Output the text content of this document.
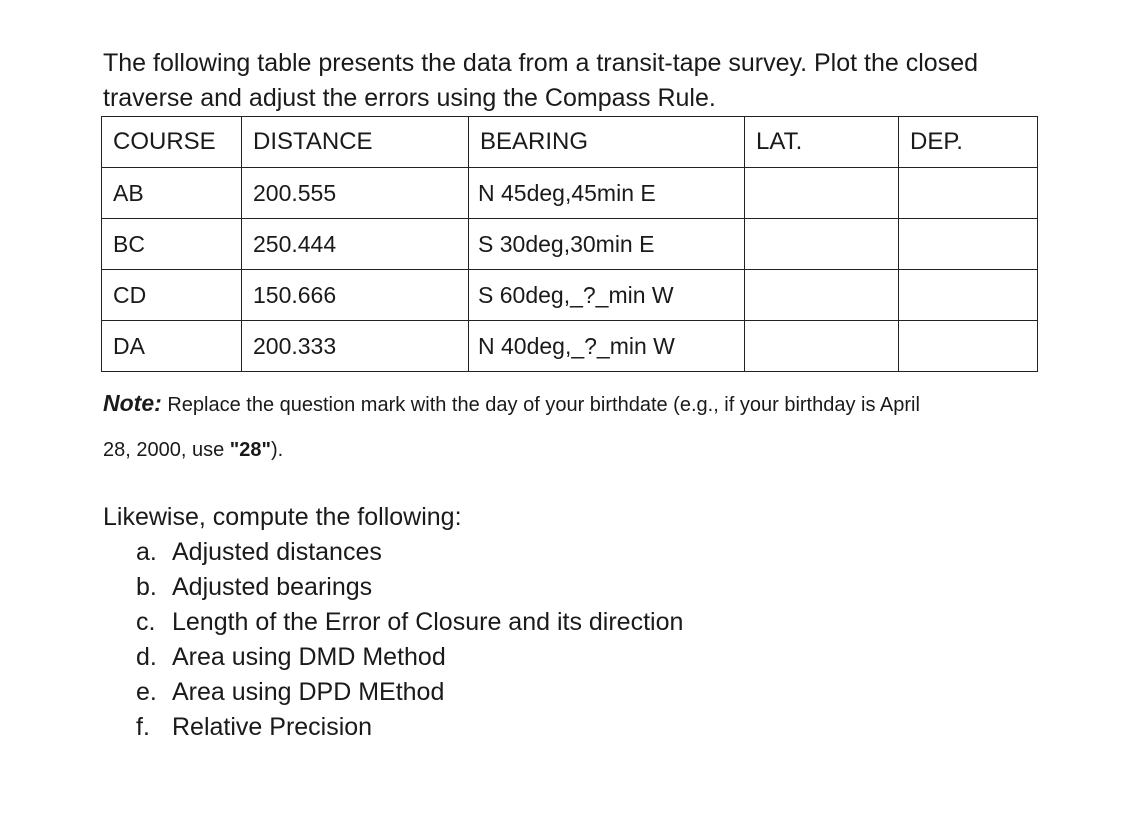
The following table presents the data from a transit-tape survey. Plot the closed
traverse and adjust the errors using the Compass Rule.
COURSE	DISTANCE	BEARING	LAT.	DEP.
AB	200.555	N 45deg,45min E		
BC	250.444	S 30deg,30min E		
CD	150.666	S 60deg,_?_min W		
DA	200.333	N 40deg,_?_min W		
Note: Replace the question mark with the day of your birthdate (e.g., if your birthday is April
28, 2000, use "28").
Likewise, compute the following:
a. Adjusted distances
b. Adjusted bearings
c. Length of the Error of Closure and its direction
d. Area using DMD Method
e. Area using DPD MEthod
f. Relative Precision
